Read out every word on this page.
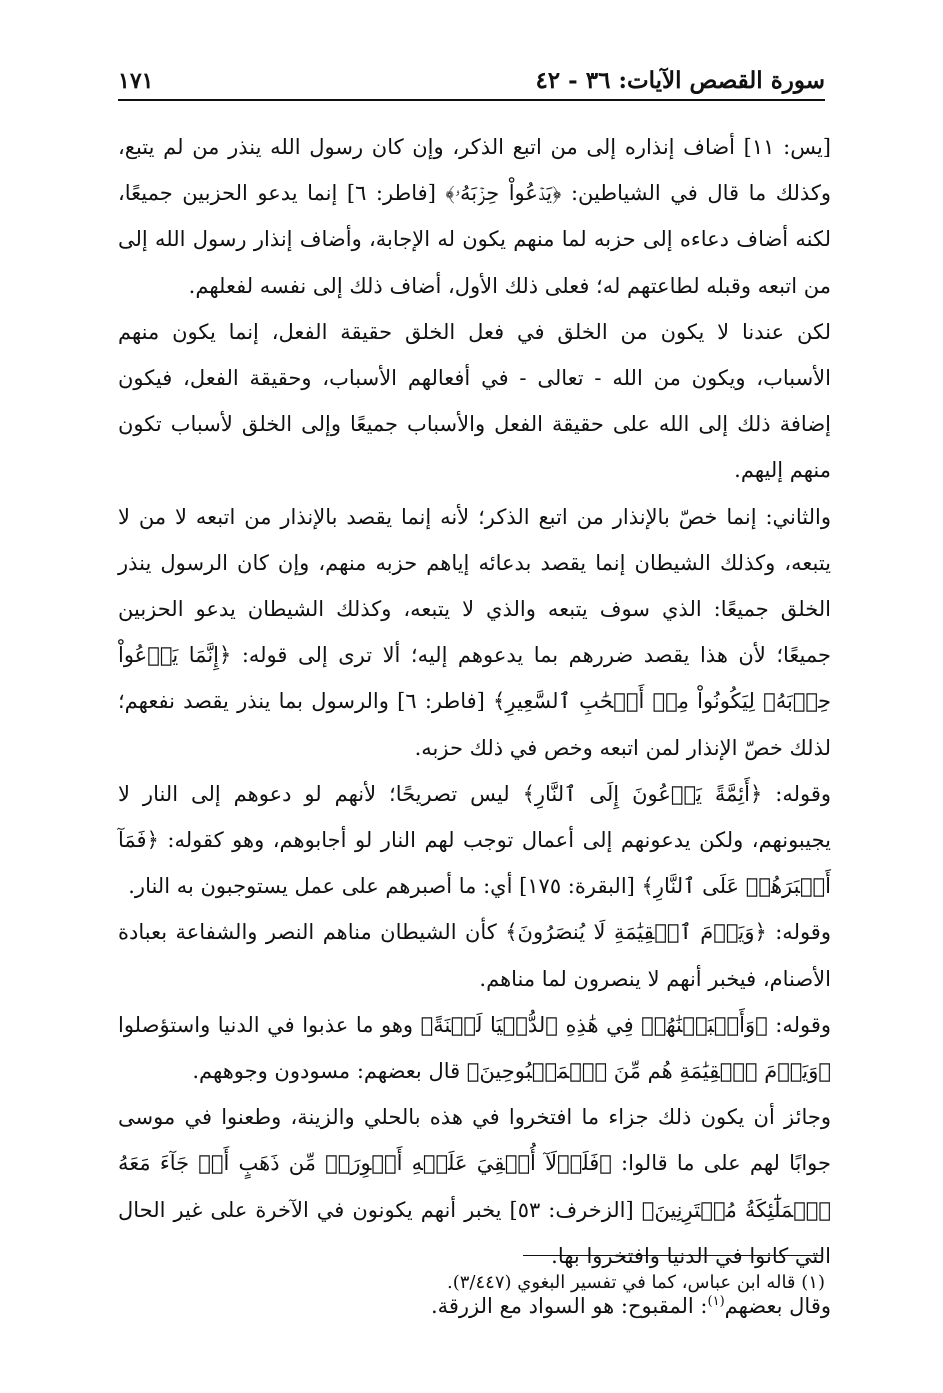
سورة القصص الآيات: ٣٦ - ٤٢
١٧١

[يس: ١١] أضاف إنذاره إلى من اتبع الذكر، وإن كان رسول الله ينذر من لم يتبع، وكذلك ما قال في الشياطين: ﴿يَدۡعُواْ حِزۡبَهُۥ﴾ [فاطر: ٦] إنما يدعو الحزبين جميعًا، لكنه أضاف دعاءه إلى حزبه لما منهم يكون له الإجابة، وأضاف إنذار رسول الله إلى من اتبعه وقبله لطاعتهم له؛ فعلى ذلك الأول، أضاف ذلك إلى نفسه لفعلهم.

لكن عندنا لا يكون من الخلق في فعل الخلق حقيقة الفعل، إنما يكون منهم الأسباب، ويكون من الله - تعالى - في أفعالهم الأسباب، وحقيقة الفعل، فيكون إضافة ذلك إلى الله على حقيقة الفعل والأسباب جميعًا وإلى الخلق لأسباب تكون منهم إليهم.

والثاني: إنما خصّ بالإنذار من اتبع الذكر؛ لأنه إنما يقصد بالإنذار من اتبعه لا من لا يتبعه، وكذلك الشيطان إنما يقصد بدعائه إياهم حزبه منهم، وإن كان الرسول ينذر الخلق جميعًا: الذي سوف يتبعه والذي لا يتبعه، وكذلك الشيطان يدعو الحزبين جميعًا؛ لأن هذا يقصد ضررهم بما يدعوهم إليه؛ ألا ترى إلى قوله: ﴿إِنَّمَا يَدۡعُواْ حِزۡبَهُۥ لِيَكُونُواْ مِنۡ أَصۡحَٰبِ ٱلسَّعِيرِ﴾ [فاطر: ٦] والرسول بما ينذر يقصد نفعهم؛ لذلك خصّ الإنذار لمن اتبعه وخص في ذلك حزبه.

وقوله: ﴿أَئِمَّةً يَدۡعُونَ إِلَى ٱلنَّارِ﴾ ليس تصريحًا؛ لأنهم لو دعوهم إلى النار لا يجيبونهم، ولكن يدعونهم إلى أعمال توجب لهم النار لو أجابوهم، وهو كقوله: ﴿فَمَآ أَصۡبَرَهُمۡ عَلَى ٱلنَّارِ﴾ [البقرة: ١٧٥] أي: ما أصبرهم على عمل يستوجبون به النار.

وقوله: ﴿وَيَوۡمَ ٱلۡقِيَٰمَةِ لَا يُنصَرُونَ﴾ كأن الشيطان مناهم النصر والشفاعة بعبادة الأصنام، فيخبر أنهم لا ينصرون لما مناهم.

وقوله: ﴿وَأَتۡبَعۡنَٰهُمۡ فِي هَٰذِهِ ٱلدُّنۡيَا لَعۡنَةً﴾ وهو ما عذبوا في الدنيا واستؤصلوا ﴿وَيَوۡمَ ٱلۡقِيَٰمَةِ هُم مِّنَ ٱلۡمَقۡبُوحِينَ﴾ قال بعضهم: مسودون وجوههم.

وجائز أن يكون ذلك جزاء ما افتخروا في هذه بالحلي والزينة، وطعنوا في موسى جوابًا لهم على ما قالوا: ﴿فَلَوۡلَآ أُلۡقِيَ عَلَيۡهِ أَسۡوِرَةٞ مِّن ذَهَبٍ أَوۡ جَآءَ مَعَهُ ٱلۡمَلَٰٓئِكَةُ مُقۡتَرِنِينَ﴾ [الزخرف: ٥٣] يخبر أنهم يكونون في الآخرة على غير الحال التي كانوا في الدنيا وافتخروا بها.

وقال بعضهم$^{(١)}$: المقبوح: هو السواد مع الزرقة.

(١) قاله ابن عباس، كما في تفسير البغوي (٣/٤٤٧).
